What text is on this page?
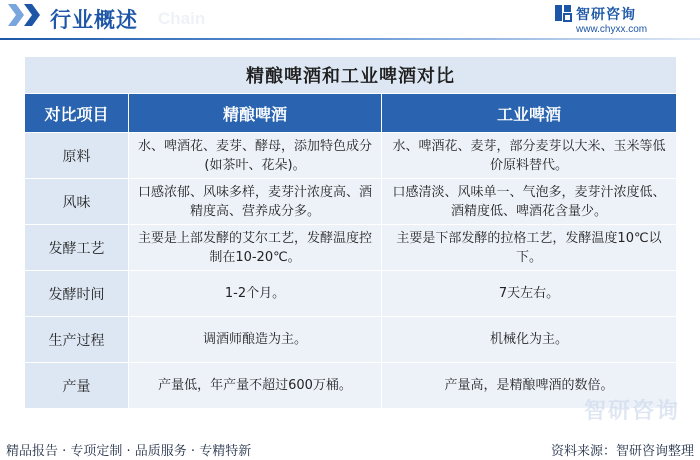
Chain
行业概述	智研咨询
www.chyxx.com
精酿啤酒和工业啤酒对比		
对比项目	精酿啤酒	工业啤酒
原料	水、啤酒花、麦芽、酵母，添加特色成分(如茶叶、花朵)。	水、啤酒花、麦芽，部分麦芽以大米、玉米等低价原料替代。
风味	口感浓郁、风味多样，麦芽汁浓度高、酒精度高、营养成分多。	口感清淡、风味单一、气泡多，麦芽汁浓度低、酒精度低、啤酒花含量少。
发酵工艺	主要是上部发酵的艾尔工艺，发酵温度控制在10-20℃。	主要是下部发酵的拉格工艺，发酵温度10℃以下。
发酵时间	1-2个月。	7天左右。
生产过程	调酒师酿造为主。	机械化为主。
产量	产量低，年产量不超过600万桶。	产量高，是精酿啤酒的数倍。
智研咨询
精品报告 · 专项定制 · 品质服务 · 专精特新	资料来源：智研咨询整理
